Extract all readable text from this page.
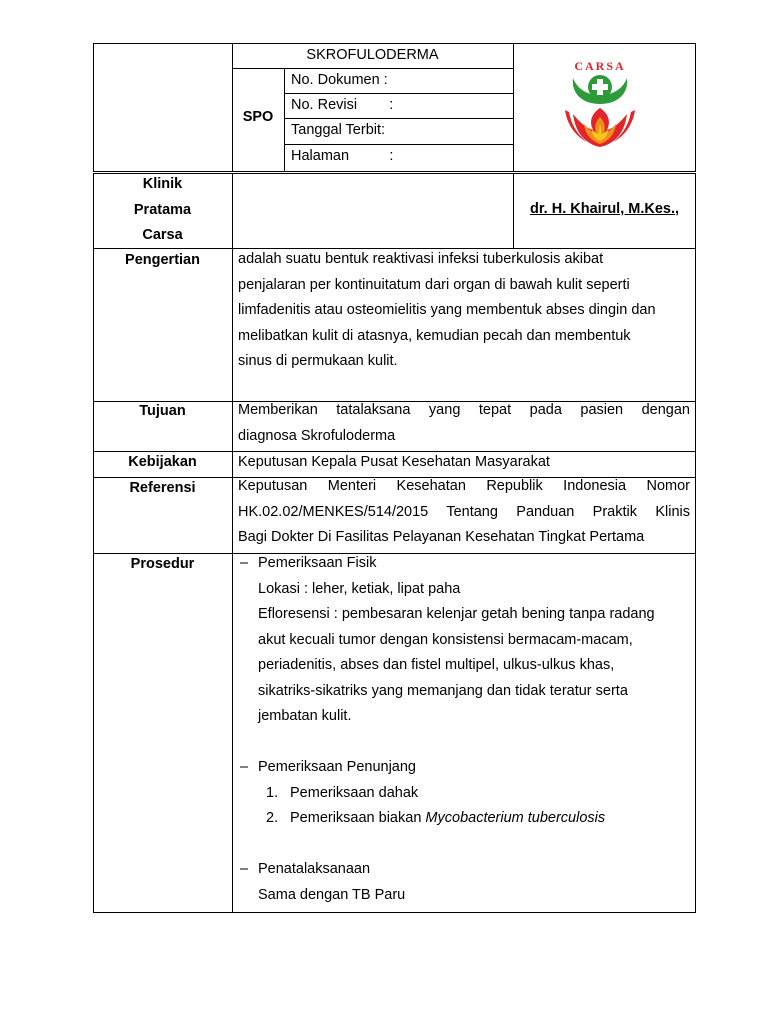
SKROFULODERMA
SPO
No. Dokumen :
No. Revisi        :
Tanggal Terbit:
Halaman          :
CARSA
Klinik
Pratama
Carsa
dr. H. Khairul, M.Kes.,
Pengertian	adalah suatu bentuk reaktivasi infeksi tuberkulosis akibat
penjalaran per kontinuitatum dari organ di bawah kulit seperti
limfadenitis atau osteomielitis yang membentuk abses dingin dan
melibatkan kulit di atasnya, kemudian pecah dan membentuk
sinus di permukaan kulit.
Tujuan	Memberikan tatalaksana yang tepat pada pasien dengan
diagnosa Skrofuloderma
Kebijakan	Keputusan Kepala Pusat Kesehatan Masyarakat
Referensi	Keputusan Menteri Kesehatan Republik Indonesia Nomor
HK.02.02/MENKES/514/2015 Tentang Panduan Praktik Klinis
Bagi Dokter Di Fasilitas Pelayanan Kesehatan Tingkat Pertama
Prosedur	– Pemeriksaan Fisik
Lokasi : leher, ketiak, lipat paha
Efloresensi : pembesaran kelenjar getah bening tanpa radang
akut kecuali tumor dengan konsistensi bermacam-macam,
periadenitis, abses dan fistel multipel, ulkus-ulkus khas,
sikatriks-sikatriks yang memanjang dan tidak teratur serta
jembatan kulit.
– Pemeriksaan Penunjang
1. Pemeriksaan dahak
2. Pemeriksaan biakan Mycobacterium tuberculosis
– Penatalaksanaan
Sama dengan TB Paru
